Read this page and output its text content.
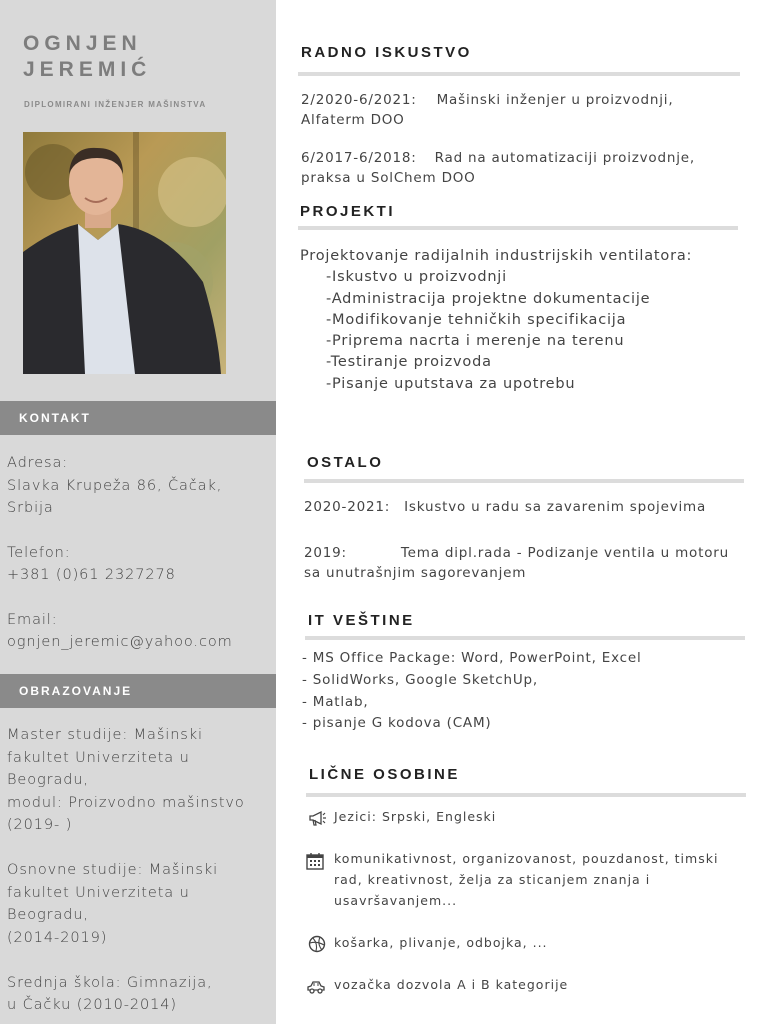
OGNJEN
JEREMIĆ
DIPLOMIRANI INŽENJER MAŠINSTVA
KONTAKT
Adresa:
Slavka Krupeža 86, Čačak,
Srbija
Telefon:
+381 (0)61 2327278
Email:
ognjen_jeremic@yahoo.com
OBRAZOVANJE
Master studije: Mašinski
fakultet Univerziteta u
Beogradu,
modul: Proizvodno mašinstvo
(2019- )
Osnovne studije: Mašinski
fakultet Univerziteta u
Beogradu,
(2014-2019)
Srednja škola: Gimnazija,
u Čačku (2010-2014)
RADNO ISKUSTVO
2/2020-6/2021: Mašinski inženjer u proizvodnji,
Alfaterm DOO
6/2017-6/2018: Rad na automatizaciji proizvodnje,
praksa u SolChem DOO
PROJEKTI
Projektovanje radijalnih industrijskih ventilatora:
-Iskustvo u proizvodnji
-Administracija projektne dokumentacije
-Modifikovanje tehničkih specifikacija
-Priprema nacrta i merenje na terenu
-Testiranje proizvoda
-Pisanje uputstava za upotrebu
OSTALO
2020-2021: Iskustvo u radu sa zavarenim spojevima
2019:	Tema dipl.rada - Podizanje ventila u motoru
sa unutrašnjim sagorevanjem
IT VEŠTINE
- MS Office Package: Word, PowerPoint, Excel
- SolidWorks, Google SketchUp,
- Matlab,
- pisanje G kodova (CAM)
LIČNE OSOBINE
Jezici: Srpski, Engleski
komunikativnost, organizovanost, pouzdanost, timski
rad, kreativnost, želja za sticanjem znanja i
usavršavanjem...
košarka, plivanje, odbojka, ...
vozačka dozvola A i B kategorije
